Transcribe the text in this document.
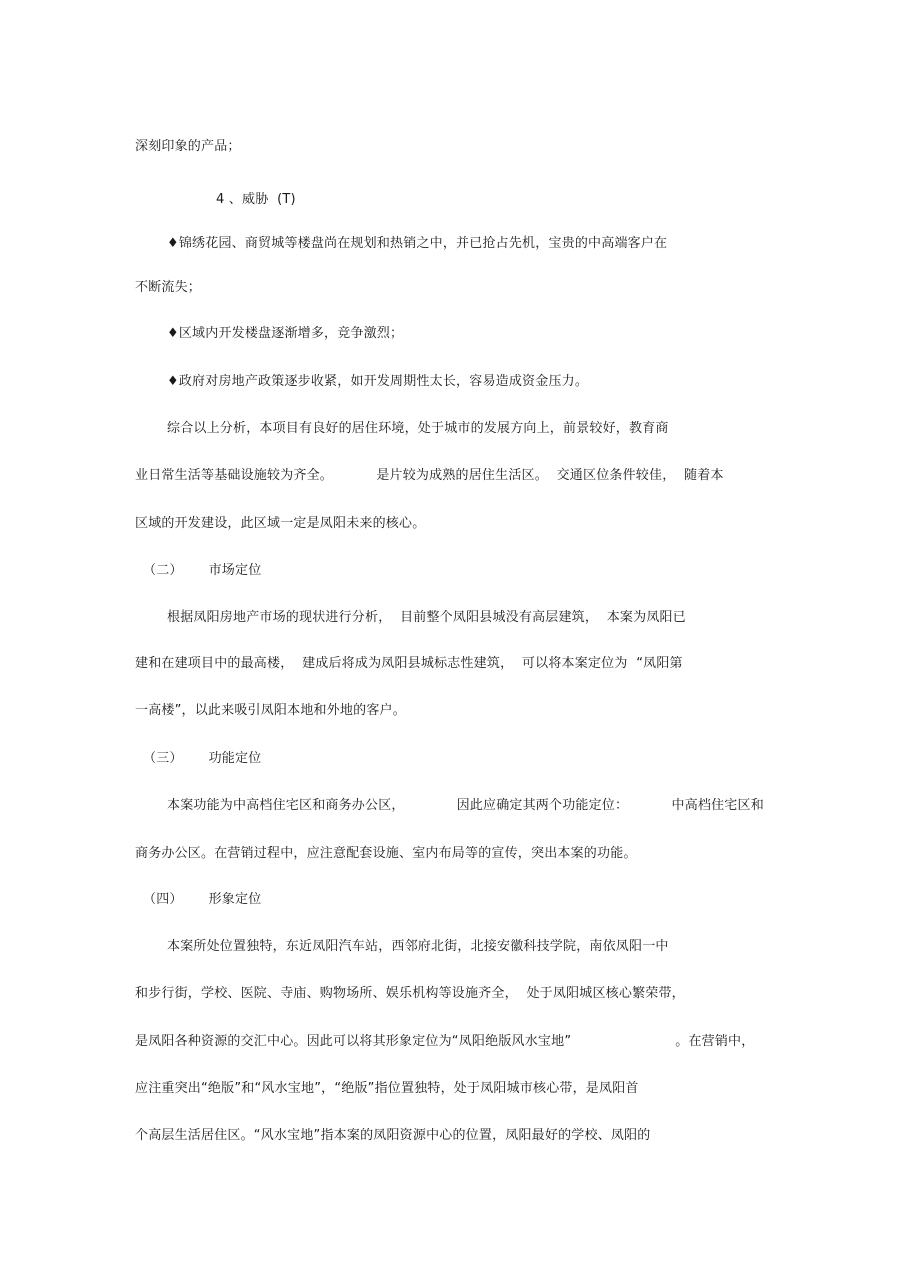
深刻印象的产品；
4 、威胁  (T)
♦锦绣花园、商贸城等楼盘尚在规划和热销之中，并已抢占先机，宝贵的中高端客户在
不断流失；
♦区域内开发楼盘逐渐增多，竞争激烈；
♦政府对房地产政策逐步收紧，如开发周期性太长，容易造成资金压力。
综合以上分析，本项目有良好的居住环境，处于城市的发展方向上，前景较好，教育商
业日常生活等基础设施较为齐全。          是片较为成熟的居住生活区。  交通区位条件较佳，  随着本
区域的开发建设，此区域一定是凤阳未来的核心。
（二）      市场定位
根据凤阳房地产市场的现状进行分析，  目前整个凤阳县城没有高层建筑，  本案为凤阳已
建和在建项目中的最高楼，  建成后将成为凤阳县城标志性建筑，  可以将本案定位为  “凤阳第
一高楼”，以此来吸引凤阳本地和外地的客户。
（三）      功能定位
本案功能为中高档住宅区和商务办公区，            因此应确定其两个功能定位：          中高档住宅区和
商务办公区。在营销过程中，应注意配套设施、室内布局等的宣传，突出本案的功能。
（四）      形象定位
本案所处位置独特，东近凤阳汽车站，西邻府北街，北接安徽科技学院，南依凤阳一中
和步行街，学校、医院、寺庙、购物场所、娱乐机构等设施齐全，  处于凤阳城区核心繁荣带，
是凤阳各种资源的交汇中心。因此可以将其形象定位为“凤阳绝版风水宝地”                        。在营销中，
应注重突出“绝版”和“风水宝地”，“绝版”指位置独特，处于凤阳城市核心带，是凤阳首
个高层生活居住区。“风水宝地”指本案的凤阳资源中心的位置，凤阳最好的学校、凤阳的
